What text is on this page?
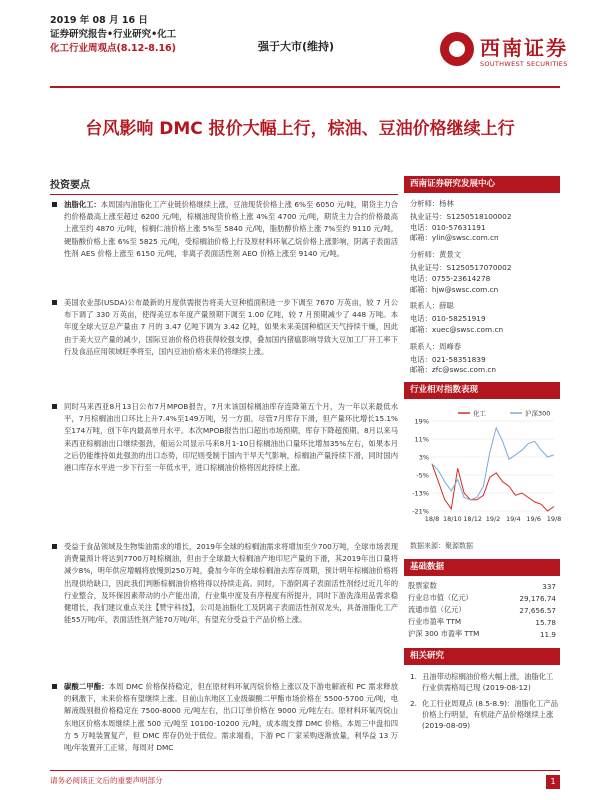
2019 年 08 月 16 日
证券研究报告•行业研究•化工
化工行业周观点(8.12-8.16)	强于大市(维持)	西南证券
SOUTHWEST SECURITIES
台风影响 DMC 报价大幅上行，棕油、豆油价格继续上行
投资要点
油脂化工：本周国内油脂化工产业链价格继续上涨，豆油现货价格上涨 6%至 6050 元/吨，期货主力合约价格最高上涨至超过 6200 元/吨，棕榈油现货价格上涨 4%至 4700 元/吨，期货主力合约价格最高上涨至约 4870 元/吨，棕榈仁油价格上涨 5%至 5840 元/吨，脂肪醇价格上涨 7%至约 9110 元/吨，硬脂酸价格上涨 6%至 5825 元/吨，受棕榈油价格上行及原材料环氧乙烷价格上涨影响，阴离子表面活性剂 AES 价格上涨至 6150 元/吨，非离子表面活性剂 AEO 价格上涨至 9140 元/吨。
美国农业部(USDA)公布最新的月度供需报告将美大豆种植面积进一步下调至 7670 万英亩，较 7 月公布下调了 330 万英亩，使得美豆本年度产量预期下调至 1.00 亿吨，较 7 月预期减少了 448 万吨。本年度全球大豆总产量由 7 月的 3.47 亿吨下调为 3.42 亿吨，如果未来美国种植区天气持续干燥，因此由于美大豆产量的减少，国际豆油价格仍将获得较强支撑，叠加国内猪瘟影响导致大豆加工厂开工率下行及食品应用领域旺季将至，国内豆油价格未来仍将继续上涨。
同时马来西亚8月13日公布7月MPOB报告，7月末该国棕榈油库存连降第五个月，为一年以来最低水平，7月棕榈油出口环比上升7.4%至149万吨，另一方面，尽管7月库存下滑，但产量环比增长15.1%至174万吨，创下年内最高单月水平。本次MPOB报告出口超出市场预期，库存下降超预期。8月以来马来西亚棕榈油出口继续强劲，船运公司显示马来8月1-10日棕榈油出口量环比增加35%左右，如果本月之后仍能维持如此强劲的出口态势，印尼则受制于国内干旱天气影响，棕榈油产量持续下滑，同时国内港口库存水平进一步下行至一年低水平，进口棕榈油价格将因此持续上涨。
受益于食品领域及生物柴油需求的增长，2019年全球的棕榈油需求将增加至少700万吨，全球市场表现消费量预计将达到7700万吨棕榈油，但由于全球最大棕榈油产地印尼产量的下滑，其2019年出口量将减少8%，明年供应增幅将放慢到250万吨，叠加今年的全球棕榈油去库存周期，预计明年棕榈油价格将出现供给缺口，因此我们判断棕榈油价格将得以持续走高。同时，下游阴离子表面活性剂经过近几年的行业整合，及环保因素带动的小产能出清，行业集中度及有序程度有所提升，同时下游洗涤用品需求稳健增长，我们建议重点关注【赞宇科技】，公司是油脂化工及阴离子表面活性剂双龙头，具备油脂化工产能55万吨/年，表面活性剂产能70万吨/年，有望充分受益于产品价格上涨。
碳酸二甲酯：本周 DMC 价格保持稳定，但在原材料环氧丙烷价格上涨以及下游电解液和 PC 需求释放的刺激下，未来价格有望继续上涨。目前山东地区工业级碳酸二甲酯市场价格在 5500-5700 元/吨，电解液级别报价格稳定在 7500-8000 元/吨左右，出口订单价格在 9000 元/吨左右。原材料环氧丙烷山东地区价格本周继续上涨 500 元/吨至 10100-10200 元/吨，成本端支撑 DMC 价格。本周三中盘扣四方 5 万吨装置复产，但 DMC 库存仍处于低位。需求端看，下游 PC 厂家采购逐渐放量，利华益 13 万吨/年装置开工正常，每周对 DMC
西南证券研究发展中心
分析师：杨林
执业证号：S1250518100002
电话：010-57631191
邮箱：ylin@swsc.com.cn
分析师：黄景文
执业证号：S1250517070002
电话：0755-23614278
邮箱：hjw@swsc.com.cn
联系人：薛聪
电话：010-58251919
邮箱：xuec@swsc.com.cn
联系人：周峰春
电话：021-58351839
邮箱：zfc@swsc.com.cn
行业相对指数表现
化工	沪深300
19%
11%
3%
-5%
-13%
-21%
18/8 18/10 18/12 19/2 19/4 19/6 19/8
数据来源：聚源数据
基础数据
股票家数	337
行业总市值（亿元）	29,176.74
流通市值（亿元）	27,656.57
行业市盈率 TTM	15.78
沪深 300 市盈率 TTM	11.9
相关研究
1. 丑油带动棕榈油价格大幅上涨，油脂化工行业供需格局已现 (2019-08-12)
2. 化工行业周观点 (8.5-8.9)：油脂化工产品价格上行明显，有机硅产品价格继续上涨 (2019-08-09)
请务必阅读正文后的重要声明部分	1
